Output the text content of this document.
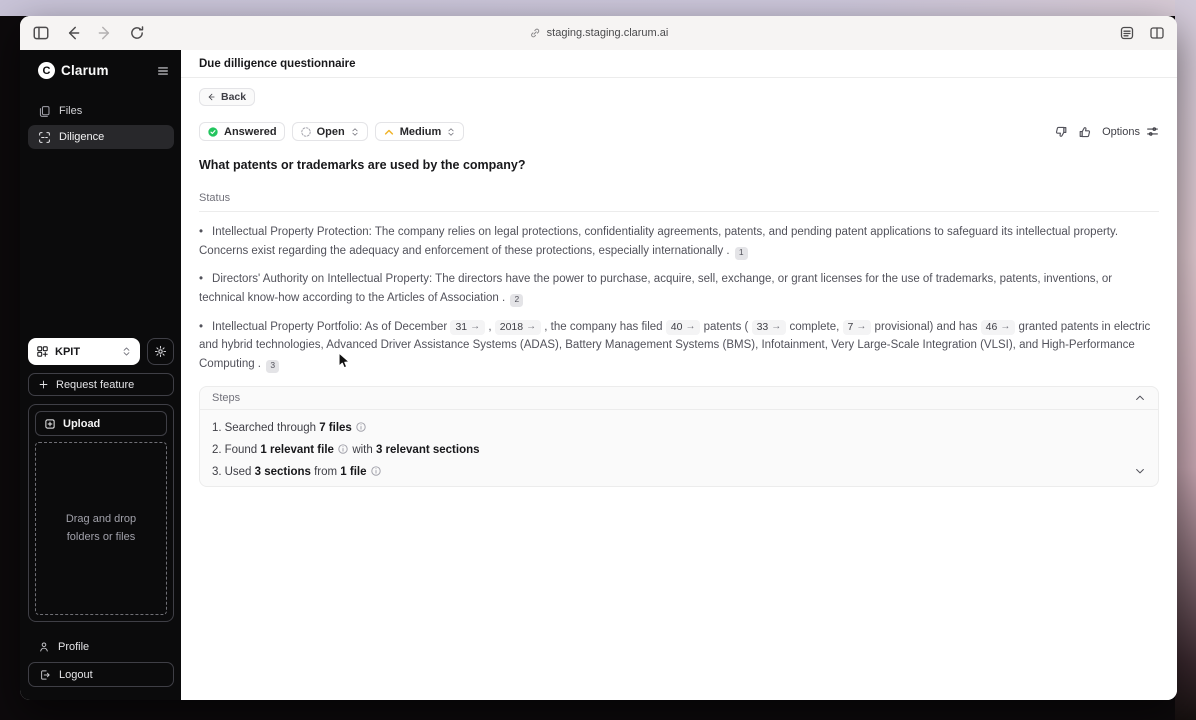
staging.staging.clarum.ai
C Clarum
Files
Diligence
KPIT
Request feature
Upload
Drag and drop
folders or files
Profile
Logout
Due dilligence questionnaire
Back
Answered	Open	Medium	Options
What patents or trademarks are used by the company?
Status
• Intellectual Property Protection: The company relies on legal protections, confidentiality agreements, patents, and pending patent applications to safeguard its intellectual property. Concerns exist regarding the adequacy and enforcement of these protections, especially internationally . 1
• Directors' Authority on Intellectual Property: The directors have the power to purchase, acquire, sell, exchange, or grant licenses for the use of trademarks, patents, inventions, or technical know-how according to the Articles of Association . 2
• Intellectual Property Portfolio: As of December 31 → , 2018 → , the company has filed 40 → patents ( 33 → complete, 7 → provisional) and has 46 → granted patents in electric and hybrid technologies, Advanced Driver Assistance Systems (ADAS), Battery Management Systems (BMS), Infotainment, Very Large-Scale Integration (VLSI), and High-Performance Computing . 3
Steps
1. Searched through 7 files
2. Found 1 relevant file
with 3 relevant sections
3. Used 3 sections from 1 file
